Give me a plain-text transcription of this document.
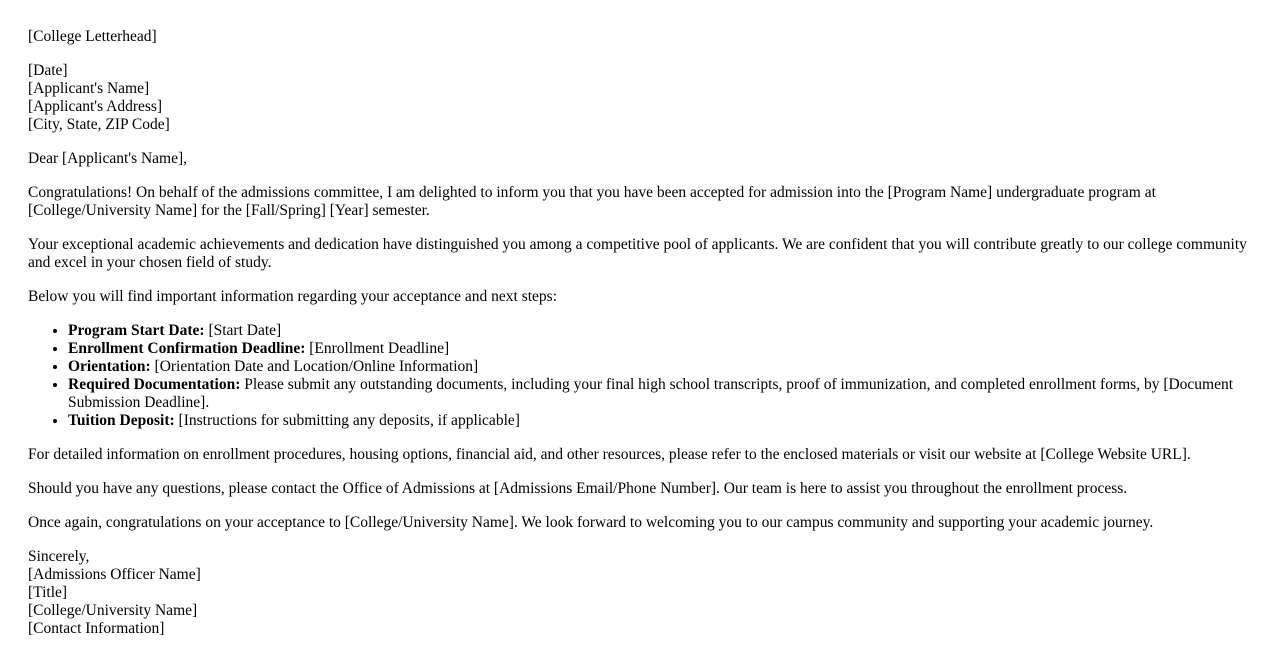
[College Letterhead]

[Date]
[Applicant's Name]
[Applicant's Address]
[City, State, ZIP Code]

Dear [Applicant's Name],

Congratulations! On behalf of the admissions committee, I am delighted to inform you that you have been accepted for admission into the [Program Name] undergraduate program at [College/University Name] for the [Fall/Spring] [Year] semester.

Your exceptional academic achievements and dedication have distinguished you among a competitive pool of applicants. We are confident that you will contribute greatly to our college community and excel in your chosen field of study.

Below you will find important information regarding your acceptance and next steps:

• Program Start Date: [Start Date]
• Enrollment Confirmation Deadline: [Enrollment Deadline]
• Orientation: [Orientation Date and Location/Online Information]
• Required Documentation: Please submit any outstanding documents, including your final high school transcripts, proof of immunization, and completed enrollment forms, by [Document Submission Deadline].
• Tuition Deposit: [Instructions for submitting any deposits, if applicable]

For detailed information on enrollment procedures, housing options, financial aid, and other resources, please refer to the enclosed materials or visit our website at [College Website URL].

Should you have any questions, please contact the Office of Admissions at [Admissions Email/Phone Number]. Our team is here to assist you throughout the enrollment process.

Once again, congratulations on your acceptance to [College/University Name]. We look forward to welcoming you to our campus community and supporting your academic journey.

Sincerely,
[Admissions Officer Name]
[Title]
[College/University Name]
[Contact Information]
